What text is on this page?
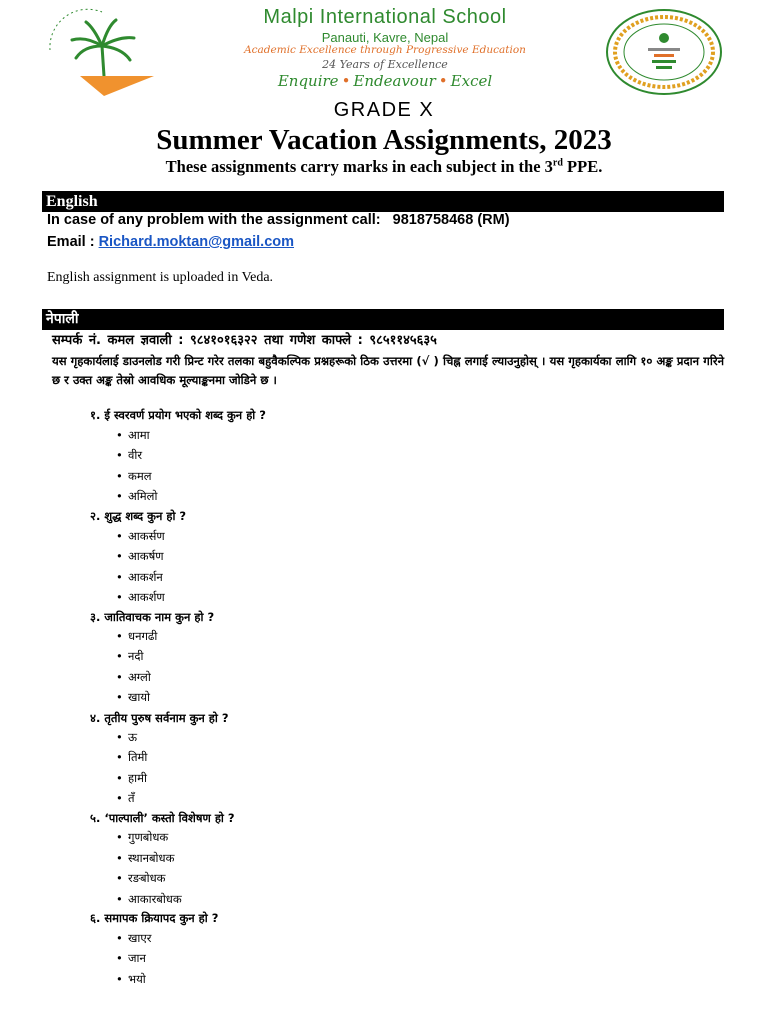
Malpi International School
Panauti, Kavre, Nepal
Academic Excellence through Progressive Education
24 Years of Excellence
Enquire • Endeavour • Excel
GRADE X
Summer Vacation Assignments, 2023
These assignments carry marks in each subject in the 3rd PPE.
English
In case of any problem with the assignment call: 9818758468 (RM)
Email : Richard.moktan@gmail.com
English assignment is uploaded in Veda.
नेपाली
सम्पर्क नं. कमल ज्ञवाली : ९८४१०१६३२२ तथा गणेश काफ्ले : ९८५११४५६३५
यस गृहकार्यलाई डाउनलोड गरी प्रिन्ट गरेर तलका बहुवैकल्पिक प्रश्नहरूको ठिक उत्तरमा (√ ) चिह्न लगाई ल्याउनुहोस् । यस गृहकार्यका लागि १० अङ्क प्रदान गरिने छ र उक्त अङ्क तेस्रो आवधिक मूल्याङ्कनमा जोडिने छ ।
१. ई स्वरवर्ण प्रयोग भएको शब्द कुन हो ?
• आमा
• वीर
• कमल
• अमिलो
२. शुद्ध शब्द कुन हो ?
• आकर्सण
• आकर्षण
• आकर्शन
• आकर्शण
३. जातिवाचक नाम कुन हो ?
• धनगढी
• नदी
• अग्लो
• खायो
४. तृतीय पुरुष सर्वनाम कुन हो ?
• ऊ
• तिमी
• हामी
• तँ
५. ‘पाल्पाली’ कस्तो विशेषण हो ?
• गुणबोधक
• स्थानबोधक
• रङबोधक
• आकारबोधक
६. समापक क्रियापद कुन हो ?
• खाएर
• जान
• भयो
